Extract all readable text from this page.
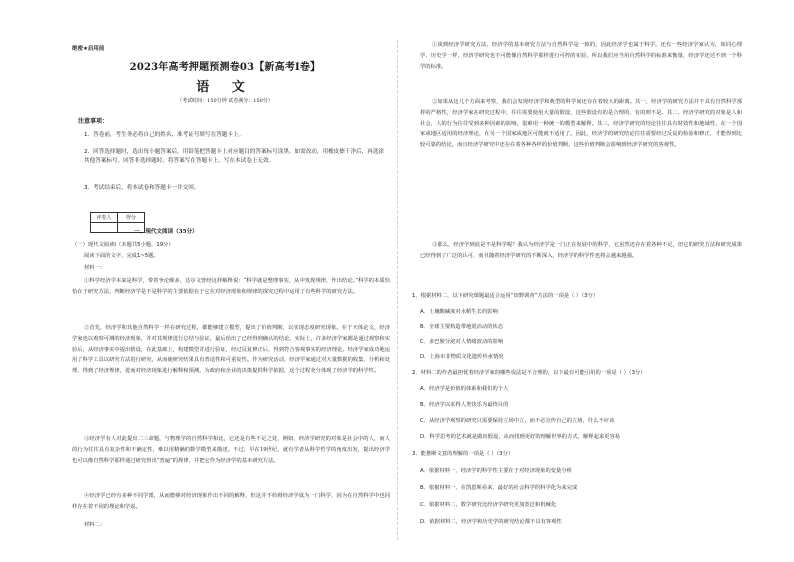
绝密★启用前
2023年高考押题预测卷03【新高考I卷】
语 文
（考试时间：150分钟 试卷满分：150分）
注意事项：
1．答卷前，考生务必将自己的姓名、准考证号填写在答题卡上。
2．回答选择题时，选出每小题答案后，用铅笔把答题卡上对应题目的答案标号涂黑。如需改动，用橡皮擦干净后，再选涂其他答案标号。回答非选择题时，将答案写在答题卡上，写在本试卷上无效。
3．考试结束后，将本试卷和答题卡一并交回。
评卷人	得分

一、现代文阅读（35分）
（一）现代文阅读Ⅰ（本题共5小题，19分）
阅读下面的文字，完成1~5题。
材料一：
①科学经济学本来是科学，带着争论颇多，达尔文曾经这样解释说：“科学就是整理事实，从中发现规律，作出结论。”科学的本质恰恰在于研究方法，判断经济学是不是科学的主要依据在于它在对经济现象和规律的探究过程中运用了有些科学的研究方法。
②首先，经济学和其他自然科学一样在研究过程，都能够建立模型，提出了价值判断，以实现态度研究现象。在于天体论文，经济学家也以观察可测的经济现象，并对其规律进行总结与验证，最后给出了已经得到确认的结论。实际上，许多经济学家都是通过观察和实验后，从经济事实中提出假设，在此基础上，构建模型并进行验证，经过反复修正后，得到符合客观事实的经济理论。经济学家成功地运用了科学工具以研究方法进行研究，从而使研究结果具有普适性和可重复性。作为研究活动，经济学家通过对大量数据的收集、分析和处理，得到了经济规律，进而对经济现象进行解释和预测，为政府和企业的决策提供科学依据，这个过程充分体现了经济学的科学性。
③经济学有人对此提出二三命题，与物理学的自然科学相比，它还是有些不足之处，例如，经济学研究的对象是社会中的人，而人的行为往往具有复杂性和不确定性，难以用精确的数学模型来描述。不过，早在19世纪，就有学者从科学哲学的角度出发，提出经济学也可以像自然科学那样通过研究得出“普遍”的规律，并把它作为经济学的基本研究方法。
④经济学已经有多种不同学派，从而能够对经济现象作出不同的解释，但这并不妨碍经济学成为一门科学，因为在自然科学中也同样存在着不同的理论和学说。
材料二：
①谈到经济学研究方法，经济学的基本研究方法与自然科学是一致的，因此经济学也属于科学。还有一些经济学家认为，如同心理学、历史学一样，经济学研究也不可能像自然科学那样进行可控的实验，所以我们应当用自然科学的标准来衡量，经济学还达不到一个科学的标准。
②如果从这几个方面来考察，我们会发现经济学和典型的科学间还存在着较大的距离。其一，经济学的研究方法并不具有自然科学那样的严格性，经济学家在研究过程中，往往需要使用大量的假设，这些假设有的是合理的，有的则不是。其二，经济学研究的对象是人和社会，人的行为往往受到多种因素的影响，很难用一种统一的模型来解释。其三，经济学研究的结论往往具有时效性和地域性，在一个国家或地区适用的经济理论，在另一个国家或地区可能就不适用了。因此，经济学的研究结论往往需要经过反复的检验和修正，才能得到比较可靠的结论，而且经济学研究中还存在着各种各样的价值判断，这些价值判断会影响到经济学研究的客观性。
③那么，经济学到底是不是科学呢？我认为经济学是一门正在发展中的科学，它虽然还存在着各种不足，但它的研究方法和研究成果已经得到了广泛的认可，而且随着经济学研究的不断深入，经济学的科学性也将会越来越强。
1．根据材料二，以下研究课题最适合运用“田野调查”方法的一项是（ ）（3分）
A．土壤酸碱度对水稻生长的影响
B．全球主要构造带地震活动的状态
C．多巴胺分泌对人情绪波动的影响
D．上海市非物质文化遗传传承情况
2．材料二的作者最担忧着经济学家的哪些说法是不合理的，以下最有可能引用的一项是（ ）（3分）
A．经济学是价值的体系和我们的个人
B．经济学以求得人类快乐为最终目的
C．从经济学观察的研究只需要保持立场中立，而不必宣传自己的立场，什么不应该
D．科学思考的艺术就是做出假设，从而找到更好的理解世界的方式，解释起来更容易
3．能推断文意的理解的一项是（ ）（3分）
A．依据材料一，经济学的科学性主要在于对经济现象的变量分析
B．依据材料一，在凯恩斯看来，最好的社会科学的科学化为来完成
C．依据材料二，数学研究比经济学研究更加宽泛和机械化
D．依据材料二，经济学和历史学的研究结论都不具有客观性
